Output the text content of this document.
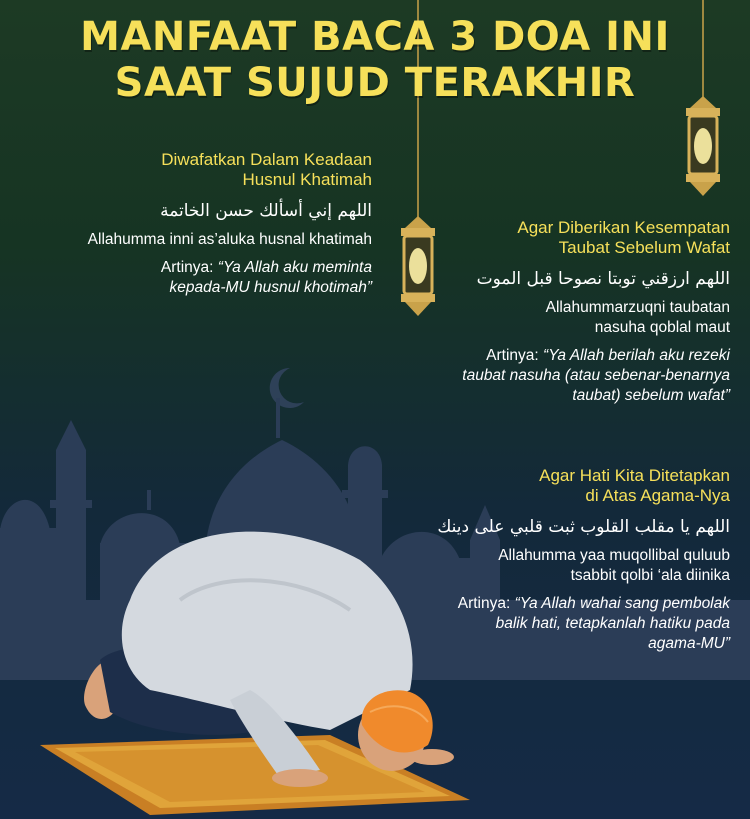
MANFAAT BACA 3 DOA INI
SAAT SUJUD TERAKHIR
Diwafatkan Dalam Keadaan
Husnul Khatimah
اللهم إني أسألك حسن الخاتمة
Allahumma inni as’aluka husnal khatimah
Artinya: “Ya Allah aku meminta
kepada-MU husnul khotimah”
Agar Diberikan Kesempatan
Taubat Sebelum Wafat
اللهم ارزقني توبتا نصوحا قبل الموت
Allahummarzuqni taubatan
nasuha qoblal maut
Artinya: “Ya Allah berilah aku rezeki
taubat nasuha (atau sebenar-benarnya
taubat) sebelum wafat”
Agar Hati Kita Ditetapkan
di Atas Agama-Nya
اللهم يا مقلب القلوب ثبت قلبي على دينك
Allahumma yaa muqollibal quluub
tsabbit qolbi ‘ala diinika
Artinya: “Ya Allah wahai sang pembolak
balik hati, tetapkanlah hatiku pada
agama-MU”
